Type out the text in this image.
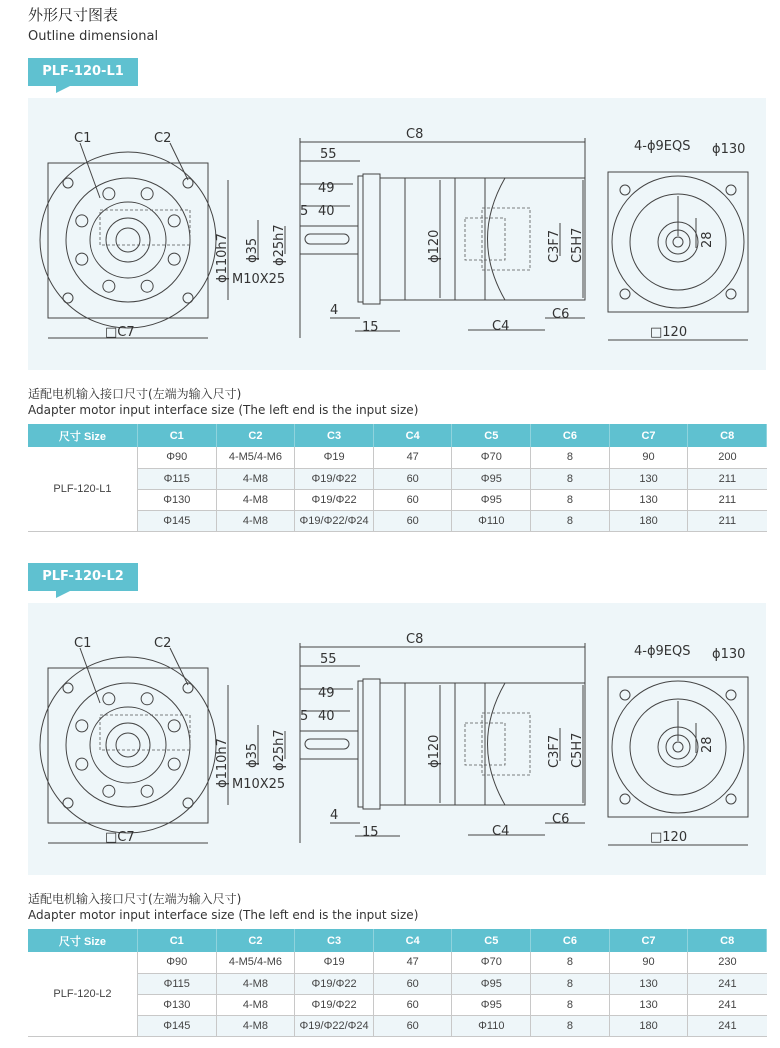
外形尺寸图表
Outline dimensional
PLF-120-L1
C1	C2
□C7
C8
55
49
5 40
ϕ35 ϕ25h7
ϕ110h7 M10X25
4
15
ϕ120	C3F7 C5H7
C4
C6
4-ϕ9EQS ϕ130
28
□120
适配电机输入接口尺寸(左端为输入尺寸)
Adapter motor input interface size (The left end is the input size)
尺寸 Size	C1	C2	C3	C4	C5	C6	C7	C8
PLF-120-L1	Φ90	4-M5/4-M6	Φ19	47	Φ70	8	90	200
	Φ115	4-M8	Φ19/Φ22	60	Φ95	8	130	211
	Φ130	4-M8	Φ19/Φ22	60	Φ95	8	130	211
	Φ145	4-M8	Φ19/Φ22/Φ24	60	Φ110	8	180	211
PLF-120-L2
C1	C2
□C7
C8
55
49
5 40
ϕ35 ϕ25h7
ϕ110h7 M10X25
4
15
ϕ120	C3F7 C5H7
C4
C6
4-ϕ9EQS ϕ130
28
□120
适配电机输入接口尺寸(左端为输入尺寸)
Adapter motor input interface size (The left end is the input size)
尺寸 Size	C1	C2	C3	C4	C5	C6	C7	C8
PLF-120-L2	Φ90	4-M5/4-M6	Φ19	47	Φ70	8	90	230
	Φ115	4-M8	Φ19/Φ22	60	Φ95	8	130	241
	Φ130	4-M8	Φ19/Φ22	60	Φ95	8	130	241
	Φ145	4-M8	Φ19/Φ22/Φ24	60	Φ110	8	180	241
